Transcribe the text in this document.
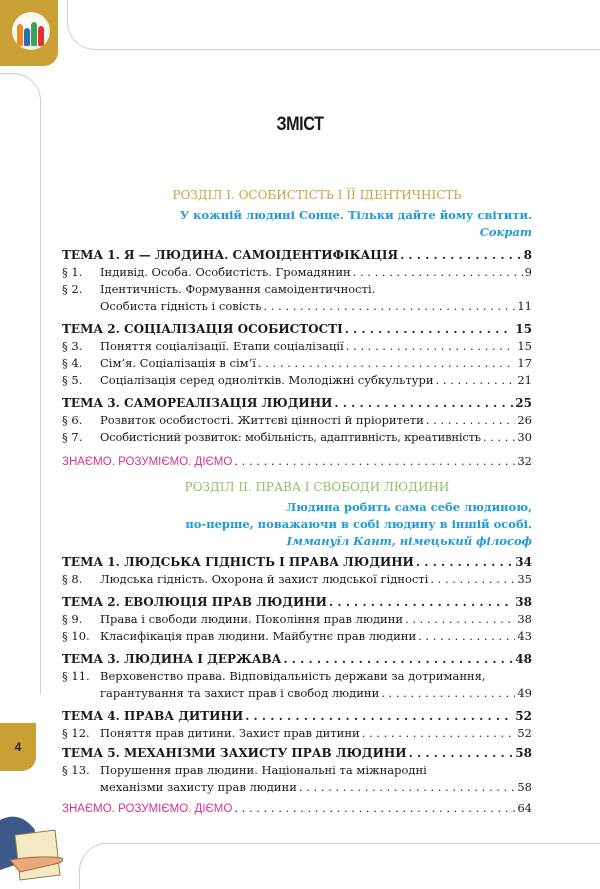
4
ЗМІСТ
РОЗДІЛ І. ОСОБИСТІСТЬ І ЇЇ ІДЕНТИЧНІСТЬ
У кожній людині Сонце. Тільки дайте йому світити.
Сократ
ТЕМА 1. Я — ЛЮДИНА. САМОІДЕНТИФІКАЦІЯ . . .	8
§ 1.	Індивід. Особа. Особистість. Громадянин . . .	9
§ 2.	Ідентичність. Формування самоідентичності.
Особиста гідність і совість . . .	11
ТЕМА 2. СОЦІАЛІЗАЦІЯ ОСОБИСТОСТІ . . .	15
§ 3.	Поняття соціалізації. Етапи соціалізації . . .	15
§ 4.	Сім’я. Соціалізація в сім’ї . . .	17
§ 5.	Соціалізація серед однолітків. Молодіжні субкультури . . .	21
ТЕМА 3. САМОРЕАЛІЗАЦІЯ ЛЮДИНИ . . .	25
§ 6.	Розвиток особистості. Життєві цінності й пріоритети . . .	26
§ 7.	Особистісний розвиток: мобільність, адаптивність, креативність . . .	30
ЗНАЄМО. РОЗУМІЄМО. ДІЄМО . . .	32
РОЗДІЛ ІІ. ПРАВА І СВОБОДИ ЛЮДИНИ
Людина робить сама себе людиною,
по-перше, поважаючи в собі людину в іншій особі.
Іммануїл Кант, німецький філософ
ТЕМА 1. ЛЮДСЬКА ГІДНІСТЬ І ПРАВА ЛЮДИНИ . . .	34
§ 8.	Людська гідність. Охорона й захист людської гідності . . .	35
ТЕМА 2. ЕВОЛЮЦІЯ ПРАВ ЛЮДИНИ . . .	38
§ 9.	Права і свободи людини. Покоління прав людини . . .	38
§ 10. Класифікація прав людини. Майбутнє прав людини . . .	43
ТЕМА 3. ЛЮДИНА І ДЕРЖАВА . . .	48
§ 11. Верховенство права. Відповідальність держави за дотримання,
гарантування та захист прав і свобод людини . . .	49
ТЕМА 4. ПРАВА ДИТИНИ . . .	52
§ 12. Поняття прав дитини. Захист прав дитини . . .	52
ТЕМА 5. МЕХАНІЗМИ ЗАХИСТУ ПРАВ ЛЮДИНИ . . .	58
§ 13. Порушення прав людини. Національні та міжнародні
механізми захисту прав людини . . .	58
ЗНАЄМО. РОЗУМІЄМО. ДІЄМО . . .	64
